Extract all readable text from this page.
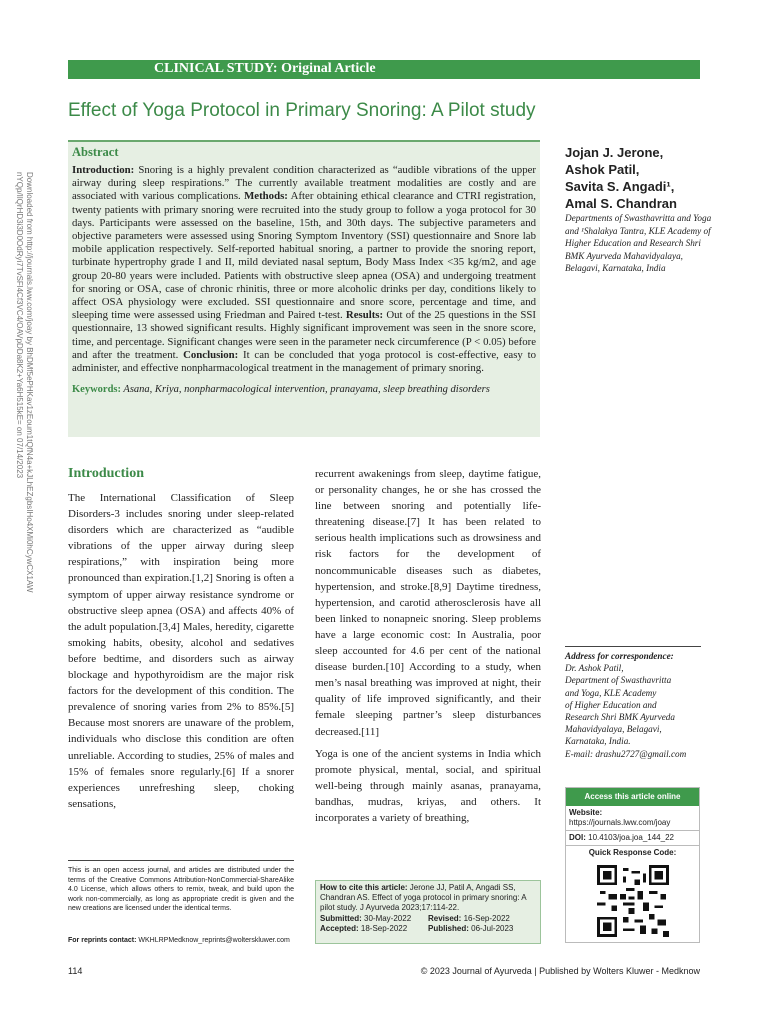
Downloaded from http://journals.lww.com/joay by BhDMf5ePHKav1zEoum1tQfN4a+kJLhEZgbsIHo4XMi0hCywCX1AW nYQp/IlQrHD3i3D0OdRyi7TvSFl4Cf3VC4/OAVpDDa8K2+Ya6H515kE= on 07/14/2023
CLINICAL STUDY: Original Article
Effect of Yoga Protocol in Primary Snoring: A Pilot study
Abstract

Introduction: Snoring is a highly prevalent condition characterized as “audible vibrations of the upper airway during sleep respirations.” The currently available treatment modalities are costly and are associated with various complications. Methods: After obtaining ethical clearance and CTRI registration, twenty patients with primary snoring were recruited into the study group to follow a yoga protocol for 30 days. Participants were assessed on the baseline, 15th, and 30th days. The subjective parameters and objective parameters were assessed using Snoring Symptom Inventory (SSI) questionnaire and Snore lab mobile application respectively. Self-reported habitual snoring, a partner to provide the snoring report, turbinate hypertrophy grade I and II, mild deviated nasal septum, Body Mass Index <35 kg/m2, and age group 20-80 years were included. Patients with obstructive sleep apnea (OSA) and undergoing treatment for snoring or OSA, case of chronic rhinitis, three or more alcoholic drinks per day, conditions likely to affect OSA physiology were excluded. SSI questionnaire and snore score, percentage and time, and sleeping time were assessed using Friedman and Paired t-test. Results: Out of the 25 questions in the SSI questionnaire, 13 showed significant results. Highly significant improvement was seen in the snore score, time, and percentage. Significant changes were seen in the parameter neck circumference (P < 0.05) before and after the treatment. Conclusion: It can be concluded that yoga protocol is cost-effective, easy to administer, and effective nonpharmacological treatment in the management of primary snoring.

Keywords: Asana, Kriya, nonpharmacological intervention, pranayama, sleep breathing disorders

Jojan J. Jerone,
Ashok Patil,
Savita S. Angadi¹,
Amal S. Chandran
Departments of Swasthavritta and Yoga and ¹Shalakya Tantra, KLE Academy of Higher Education and Research Shri BMK Ayurveda Mahavidyalaya, Belagavi, Karnataka, India
Introduction

The International Classification of Sleep Disorders-3 includes snoring under sleep-related disorders which are characterized as “audible vibrations of the upper airway during sleep respirations,” with inspiration being more pronounced than expiration.[1,2] Snoring is often a symptom of upper airway resistance syndrome or obstructive sleep apnea (OSA) and affects 40% of the adult population.[3,4] Males, heredity, cigarette smoking habits, obesity, alcohol and sedatives before bedtime, and disorders such as airway blockage and hypothyroidism are the major risk factors for the development of this condition. The prevalence of snoring varies from 2% to 85%.[5] Because most snorers are unaware of the problem, individuals who disclose this condition are often unreliable. According to studies, 25% of males and 15% of females snore regularly.[6] If a snorer experiences unrefreshing sleep, choking sensations,

recurrent awakenings from sleep, daytime fatigue, or personality changes, he or she has crossed the line between snoring and potentially life-threatening disease.[7] It has been related to serious health implications such as drowsiness and risk factors for the development of noncommunicable diseases such as diabetes, hypertension, and stroke.[8,9] Daytime tiredness, hypertension, and carotid atherosclerosis have all been linked to nonapneic snoring. Sleep problems have a large economic cost: In Australia, poor sleep accounted for 4.6 per cent of the national disease burden.[10] According to a study, when men’s nasal breathing was improved at night, their quality of life improved significantly, and their female sleeping partner’s sleep disturbances decreased.[11]

Yoga is one of the ancient systems in India which promote physical, mental, social, and spiritual well-being through mainly asanas, pranayama, bandhas, mudras, kriyas, and others. It incorporates a variety of breathing,

This is an open access journal, and articles are distributed under the terms of the Creative Commons Attribution-NonCommercial-ShareAlike 4.0 License, which allows others to remix, tweak, and build upon the work non-commercially, as long as appropriate credit is given and the new creations are licensed under the identical terms.
For reprints contact: WKHLRPMedknow_reprints@wolterskluwer.com
How to cite this article: Jerone JJ, Patil A, Angadi SS, Chandran AS. Effect of yoga protocol in primary snoring: A pilot study. J Ayurveda 2023;17:114-22.
Submitted: 30-May-2022	Revised: 16-Sep-2022
Accepted: 18-Sep-2022	Published: 06-Jul-2023
Address for correspondence:
Dr. Ashok Patil,
Department of Swasthavritta
and Yoga, KLE Academy
of Higher Education and
Research Shri BMK Ayurveda
Mahavidyalaya, Belagavi,
Karnataka, India.
E-mail: drashu2727@gmail.com
Access this article online
Website: https://journals.lww.com/joay
DOI: 10.4103/joa.joa_144_22
Quick Response Code:
114	© 2023 Journal of Ayurveda | Published by Wolters Kluwer - Medknow
